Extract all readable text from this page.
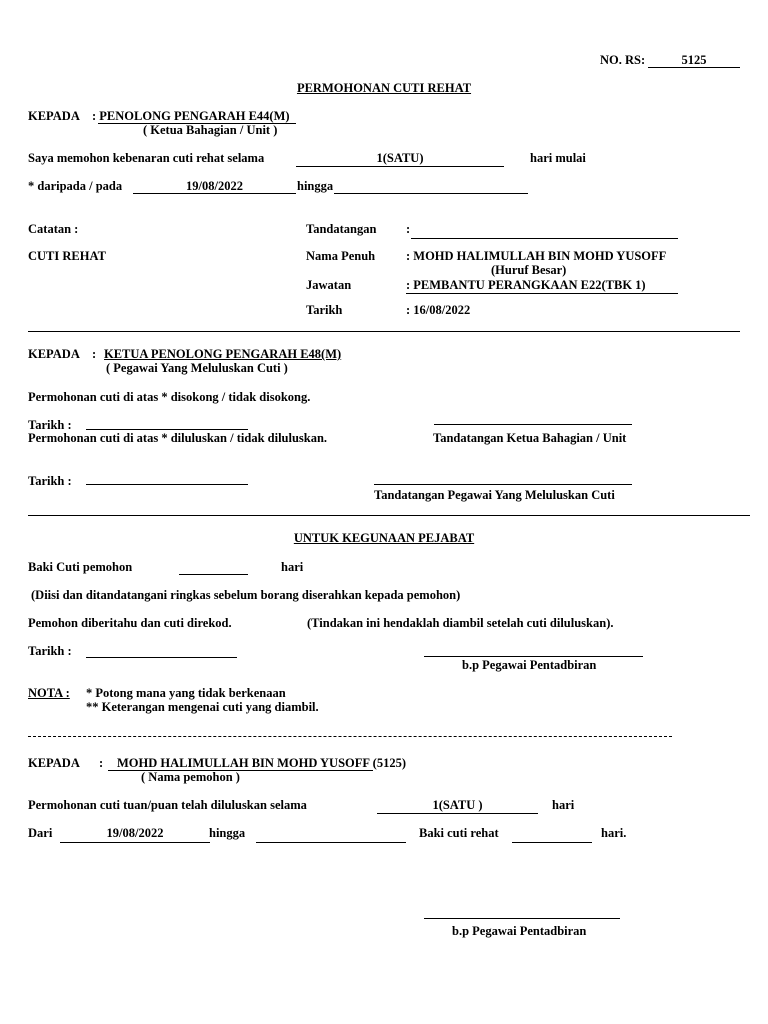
NO. RS:	5125
PERMOHONAN CUTI REHAT
KEPADA : PENOLONG PENGARAH E44(M)
( Ketua Bahagian / Unit )
Saya memohon kebenaran cuti rehat selama	1(SATU)	hari mulai
* daripada / pada	19/08/2022	hingga
Catatan :
CUTI REHAT
Tandatangan :
Nama Penuh : MOHD HALIMULLAH BIN MOHD YUSOFF
(Huruf Besar)
Jawatan	: PEMBANTU PERANGKAAN E22(TBK 1)
Tarikh	: 16/08/2022
KEPADA : KETUA PENOLONG PENGARAH E48(M)
( Pegawai Yang Meluluskan Cuti )
Permohonan cuti di atas * disokong / tidak disokong.
Tarikh :
Permohonan cuti di atas * diluluskan / tidak diluluskan.	Tandatangan Ketua Bahagian / Unit
Tarikh :
Tandatangan Pegawai Yang Meluluskan Cuti
UNTUK KEGUNAAN PEJABAT
Baki Cuti pemohon	hari
(Diisi dan ditandatangani ringkas sebelum borang diserahkan kepada pemohon)
Pemohon diberitahu dan cuti direkod.	(Tindakan ini hendaklah diambil setelah cuti diluluskan).
Tarikh :
b.p Pegawai Pentadbiran
NOTA : * Potong mana yang tidak berkenaan
** Keterangan mengenai cuti yang diambil.
KEPADA : MOHD HALIMULLAH BIN MOHD YUSOFF (5125)
( Nama pemohon )
Permohonan cuti tuan/puan telah diluluskan selama	1(SATU )	hari
Dari	19/08/2022	hingga	Baki cuti rehat	hari.
b.p Pegawai Pentadbiran
